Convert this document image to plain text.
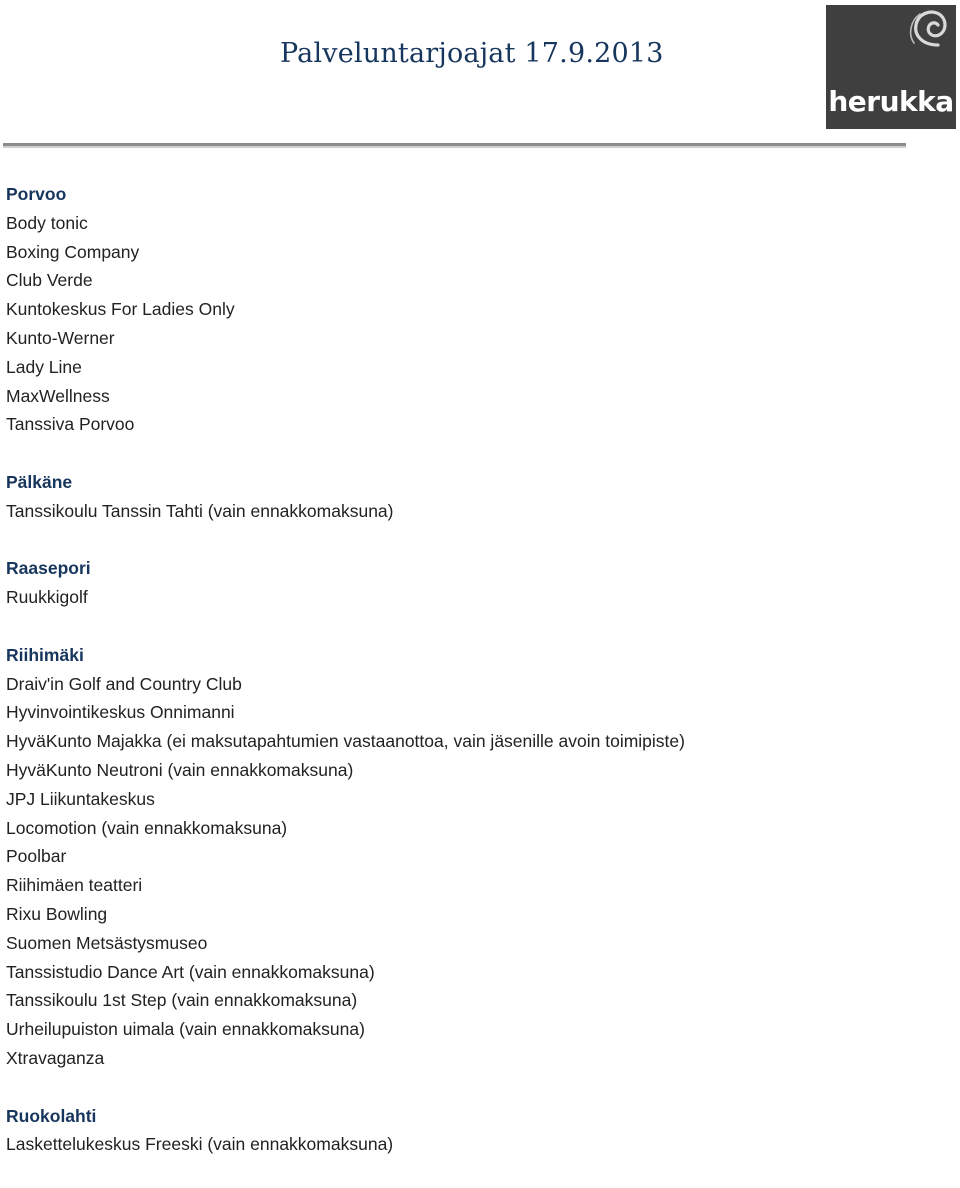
Palveluntarjoajat 17.9.2013
herukka
Porvoo
Body tonic
Boxing Company
Club Verde
Kuntokeskus For Ladies Only
Kunto-Werner
Lady Line
MaxWellness
Tanssiva Porvoo
Pälkäne
Tanssikoulu Tanssin Tahti (vain ennakkomaksuna)
Raasepori
Ruukkigolf
Riihimäki
Draiv'in Golf and Country Club
Hyvinvointikeskus Onnimanni
HyväKunto Majakka (ei maksutapahtumien vastaanottoa, vain jäsenille avoin toimipiste)
HyväKunto Neutroni (vain ennakkomaksuna)
JPJ Liikuntakeskus
Locomotion (vain ennakkomaksuna)
Poolbar
Riihimäen teatteri
Rixu Bowling
Suomen Metsästysmuseo
Tanssistudio Dance Art (vain ennakkomaksuna)
Tanssikoulu 1st Step (vain ennakkomaksuna)
Urheilupuiston uimala (vain ennakkomaksuna)
Xtravaganza
Ruokolahti
Laskettelukeskus Freeski (vain ennakkomaksuna)
